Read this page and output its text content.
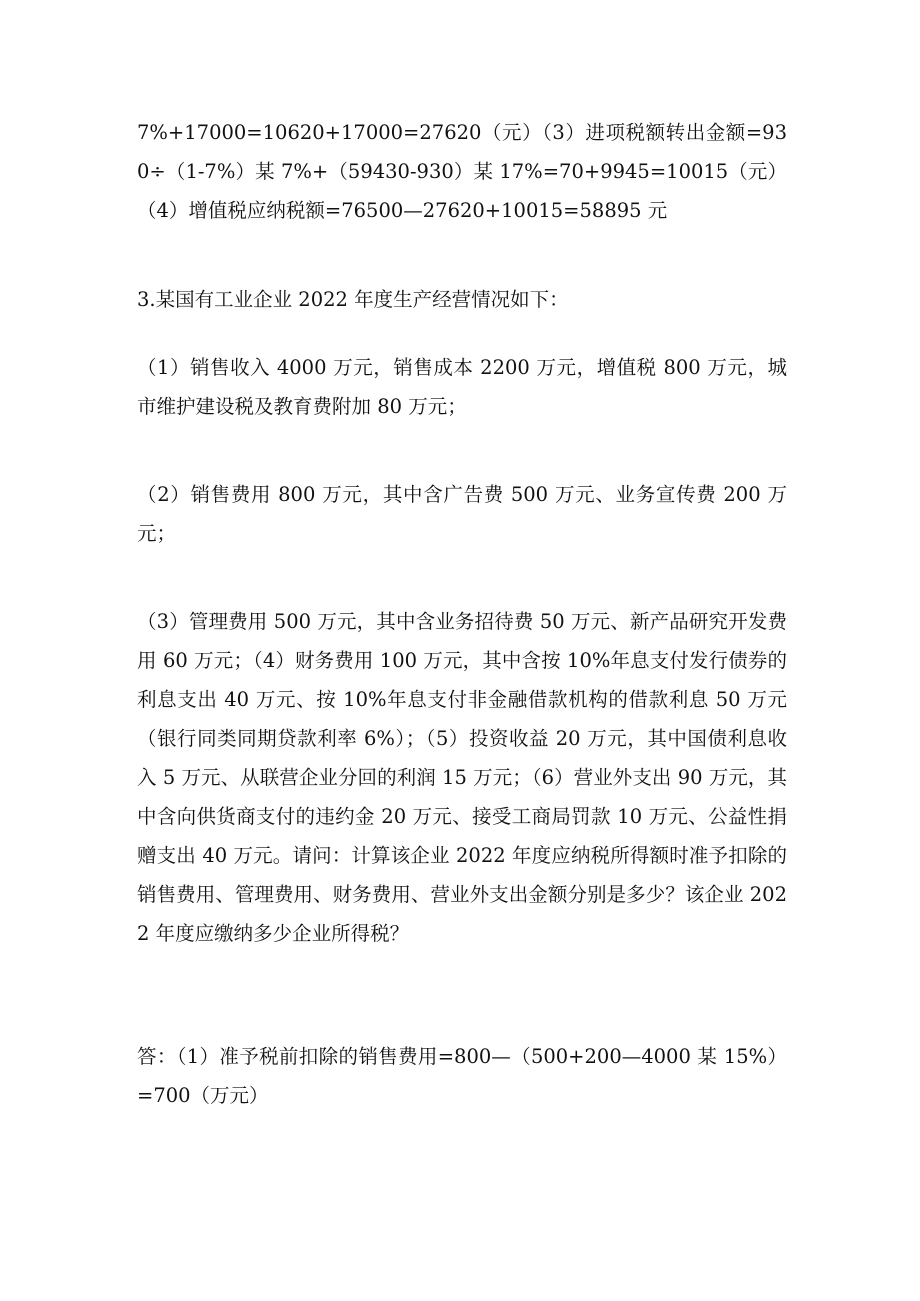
7%+17000=10620+17000=27620（元）（3）进项税额转出金额=930÷（1-7%）某 7%+（59430-930）某 17%=70+9945=10015（元）（4）增值税应纳税额=76500—27620+10015=58895 元

3.某国有工业企业 2022 年度生产经营情况如下：

（1）销售收入 4000 万元，销售成本 2200 万元，增值税 800 万元，城市维护建设税及教育费附加 80 万元；

（2）销售费用 800 万元，其中含广告费 500 万元、业务宣传费 200 万元；

（3）管理费用 500 万元，其中含业务招待费 50 万元、新产品研究开发费用 60 万元；（4）财务费用 100 万元，其中含按 10%年息支付发行债券的利息支出 40 万元、按 10%年息支付非金融借款机构的借款利息 50 万元（银行同类同期贷款利率 6%）；（5）投资收益 20 万元，其中国债利息收入 5 万元、从联营企业分回的利润 15 万元；（6）营业外支出 90 万元，其中含向供货商支付的违约金 20 万元、接受工商局罚款 10 万元、公益性捐赠支出 40 万元。请问：计算该企业 2022 年度应纳税所得额时准予扣除的销售费用、管理费用、财务费用、营业外支出金额分别是多少？该企业 2022 年度应缴纳多少企业所得税？

答：（1）准予税前扣除的销售费用=800—（500+200—4000 某 15%）=700（万元）
